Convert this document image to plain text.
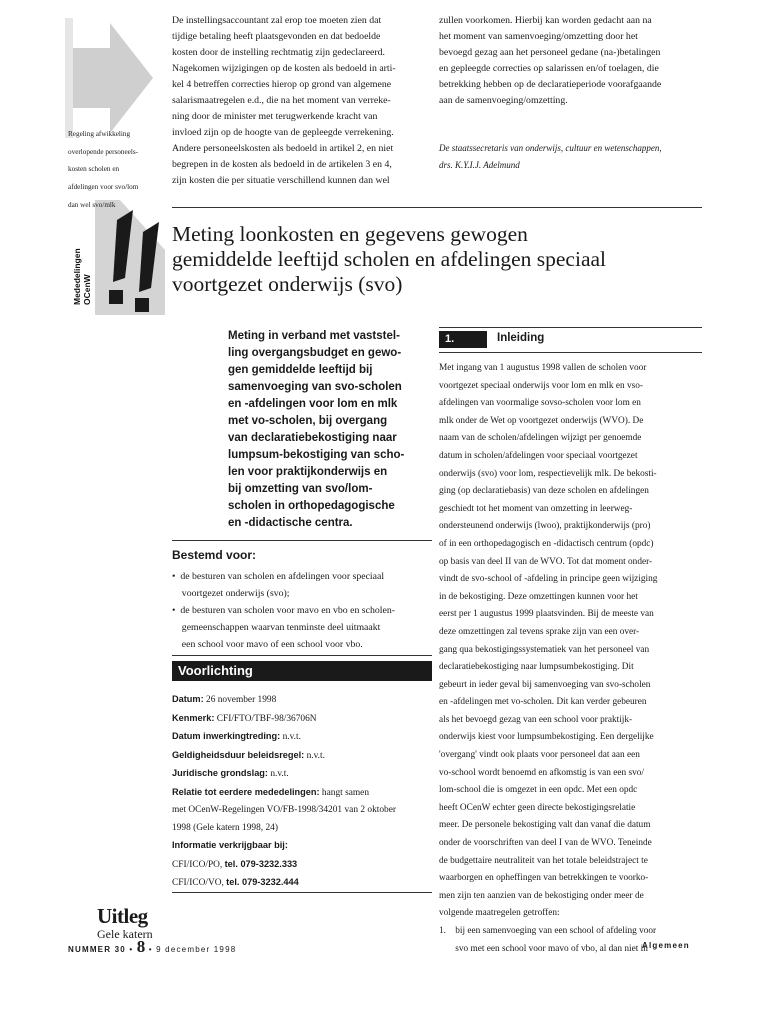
Regeling afwikkeling
overlopende personeels-
kosten scholen en
afdelingen voor svo/lom
dan wel svo/mlk
Mededelingen OCenW
De instellingsaccountant zal erop toe moeten zien dat
tijdige betaling heeft plaatsgevonden en dat bedoelde
kosten door de instelling rechtmatig zijn gedeclareerd.
Nagekomen wijzigingen op de kosten als bedoeld in arti-
kel 4 betreffen correcties hierop op grond van algemene
salarismaatregelen e.d., die na het moment van verreke-
ning door de minister met terugwerkende kracht van
invloed zijn op de hoogte van de gepleegde verrekening.
Andere personeelskosten als bedoeld in artikel 2, en niet
begrepen in de kosten als bedoeld in de artikelen 3 en 4,
zijn kosten die per situatie verschillend kunnen dan wel
zullen voorkomen. Hierbij kan worden gedacht aan na
het moment van samenvoeging/omzetting door het
bevoegd gezag aan het personeel gedane (na-)betalingen
en gepleegde correcties op salarissen en/of toelagen, die
betrekking hebben op de declaratieperiode voorafgaande
aan de samenvoeging/omzetting.
De staatssecretaris van onderwijs, cultuur en wetenschappen,
drs. K.Y.I.J. Adelmund
Meting loonkosten en gegevens gewogen
gemiddelde leeftijd scholen en afdelingen speciaal
voortgezet onderwijs (svo)
Meting in verband met vaststel-
ling overgangsbudget en gewo-
gen gemiddelde leeftijd bij
samenvoeging van svo-scholen
en -afdelingen voor lom en mlk
met vo-scholen, bij overgang
van declaratiebekostiging naar
lumpsum-bekostiging van scho-
len voor praktijkonderwijs en
bij omzetting van svo/lom-
scholen in orthopedagogische
en -didactische centra.
Bestemd voor:
•  de besturen van scholen en afdelingen voor speciaal
voortgezet onderwijs (svo);
•  de besturen van scholen voor mavo en vbo en scholen-
gemeenschappen waarvan tenminste deel uitmaakt
een school voor mavo of een school voor vbo.
Voorlichting
Datum: 26 november 1998
Kenmerk: CFI/FTO/TBF-98/36706N
Datum inwerkingtreding: n.v.t.
Geldigheidsduur beleidsregel: n.v.t.
Juridische grondslag: n.v.t.
Relatie tot eerdere mededelingen: hangt samen
met OCenW-Regelingen VO/FB-1998/34201 van 2 oktober
1998 (Gele katern 1998, 24)
Informatie verkrijgbaar bij:
CFI/ICO/PO, tel. 079-3232.333
CFI/ICO/VO, tel. 079-3232.444
1.	Inleiding
Met ingang van 1 augustus 1998 vallen de scholen voor
voortgezet speciaal onderwijs voor lom en mlk en vso-
afdelingen van voormalige sovso-scholen voor lom en
mlk onder de Wet op voortgezet onderwijs (WVO). De
naam van de scholen/afdelingen wijzigt per genoemde
datum in scholen/afdelingen voor speciaal voortgezet
onderwijs (svo) voor lom, respectievelijk mlk. De bekosti-
ging (op declaratiebasis) van deze scholen en afdelingen
geschiedt tot het moment van omzetting in leerweg-
ondersteunend onderwijs (lwoo), praktijkonderwijs (pro)
of in een orthopedagogisch en -didactisch centrum (opdc)
op basis van deel II van de WVO. Tot dat moment onder-
vindt de svo-school of -afdeling in principe geen wijziging
in de bekostiging. Deze omzettingen kunnen voor het
eerst per 1 augustus 1999 plaatsvinden. Bij de meeste van
deze omzettingen zal tevens sprake zijn van een over-
gang qua bekostigingssystematiek van het personeel van
declaratiebekostiging naar lumpsumbekostiging. Dit
gebeurt in ieder geval bij samenvoeging van svo-scholen
en -afdelingen met vo-scholen. Dit kan verder gebeuren
als het bevoegd gezag van een school voor praktijk-
onderwijs kiest voor lumpsumbekostiging. Een dergelijke
'overgang' vindt ook plaats voor personeel dat aan een
vo-school wordt benoemd en afkomstig is van een svo/
lom-school die is omgezet in een opdc. Met een opdc
heeft OCenW echter geen directe bekostigingsrelatie
meer. De personele bekostiging valt dan vanaf die datum
onder de voorschriften van deel I van de WVO. Teneinde
de budgettaire neutraliteit van het totale beleidstraject te
waarborgen en opheffingen van betrekkingen te voorko-
men zijn ten aanzien van de bekostiging onder meer de
volgende maatregelen getroffen:
1.    bij een samenvoeging van een school of afdeling voor
svo met een school voor mavo of vbo, al dan niet in
Uitleg
Gele katern
NUMMER 30 • 8 • 9 december 1998	Algemeen
